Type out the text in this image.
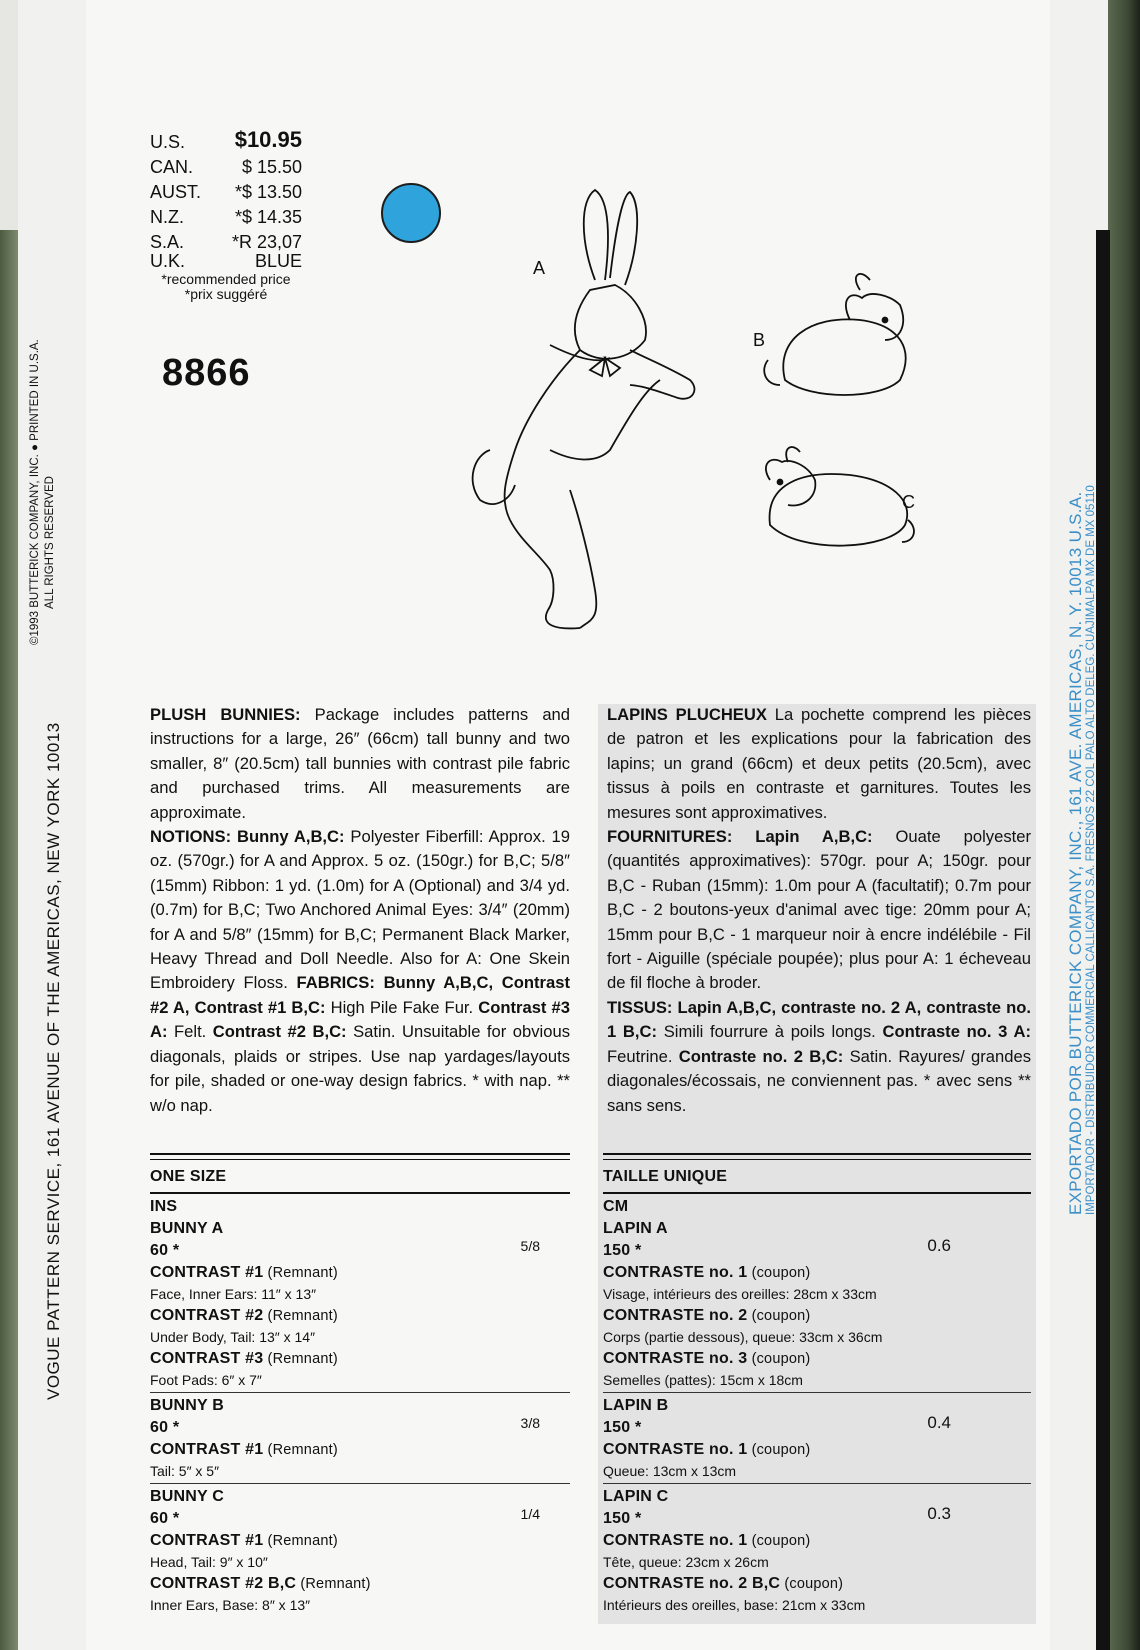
VOGUE PATTERN SERVICE, 161 AVENUE OF THE AMERICAS, NEW YORK 10013
©1993 BUTTERICK COMPANY, INC. ● PRINTED IN U.S.A. ALL RIGHTS RESERVED	EXPORTADO POR BUTTERICK COMPANY, INC., 161 AVE. AMERICAS, N. Y. 10013 U.S.A. IMPORTADOR - DISTRIBUIDOR COMMERCIAL CALLICANTO S.A. FRESNOS 22 COL PALO ALTO DELEG. CUAJIMALPA MX DE MX 05110
U.S.	$10.95
CAN.	$ 15.50
AUST.	*$ 13.50
N.Z.	*$ 14.35
S.A.	*R 23,07
U.K.	BLUE
*recommended price
*prix suggéré
8866
A
B
C
PLUSH BUNNIES: Package includes patterns and instructions for a large, 26″ (66cm) tall bunny and two smaller, 8″ (20.5cm) tall bunnies with contrast pile fabric and purchased trims. All measurements are approximate.
NOTIONS: Bunny A,B,C: Polyester Fiberfill: Approx. 19 oz. (570gr.) for A and Approx. 5 oz. (150gr.) for B,C; 5/8″ (15mm) Ribbon: 1 yd. (1.0m) for A (Optional) and 3/4 yd. (0.7m) for B,C; Two Anchored Animal Eyes: 3/4″ (20mm) for A and 5/8″ (15mm) for B,C; Permanent Black Marker, Heavy Thread and Doll Needle. Also for A: One Skein Embroidery Floss. FABRICS: Bunny A,B,C, Contrast #2 A, Contrast #1 B,C: High Pile Fake Fur. Contrast #3 A: Felt. Contrast #2 B,C: Satin. Unsuitable for obvious diagonals, plaids or stripes. Use nap yardages/layouts for pile, shaded or one-way design fabrics. * with nap. ** w/o nap.
LAPINS PLUCHEUX La pochette comprend les pièces de patron et les explications pour la fabrication des lapins; un grand (66cm) et deux petits (20.5cm), avec tissus à poils en contraste et garnitures. Toutes les mesures sont approximatives.
FOURNITURES: Lapin A,B,C: Ouate polyester (quantités approximatives): 570gr. pour A; 150gr. pour B,C - Ruban (15mm): 1.0m pour A (facultatif); 0.7m pour B,C - 2 boutons-yeux d'animal avec tige: 20mm pour A; 15mm pour B,C - 1 marqueur noir à encre indélébile - Fil fort - Aiguille (spéciale poupée); plus pour A: 1 écheveau de fil floche à broder.
TISSUS: Lapin A,B,C, contraste no. 2 A, contraste no. 1 B,C: Simili fourrure à poils longs. Contraste no. 3 A: Feutrine. Contraste no. 2 B,C: Satin. Rayures/ grandes diagonales/écossais, ne conviennent pas. * avec sens ** sans sens.
ONE SIZE
INS
BUNNY A
60 *	5/8
CONTRAST #1 (Remnant)
Face, Inner Ears: 11″ x 13″
CONTRAST #2 (Remnant)
Under Body, Tail: 13″ x 14″
CONTRAST #3 (Remnant)
Foot Pads: 6″ x 7″
BUNNY B
60 *	3/8
CONTRAST #1 (Remnant)
Tail: 5″ x 5″
BUNNY C
60 *	1/4
CONTRAST #1 (Remnant)
Head, Tail: 9″ x 10″
CONTRAST #2 B,C (Remnant)
Inner Ears, Base: 8″ x 13″
TAILLE UNIQUE
CM
LAPIN A
150 *	0.6
CONTRASTE no. 1 (coupon)
Visage, intérieurs des oreilles: 28cm x 33cm
CONTRASTE no. 2 (coupon)
Corps (partie dessous), queue: 33cm x 36cm
CONTRASTE no. 3 (coupon)
Semelles (pattes): 15cm x 18cm
LAPIN B
150 *	0.4
CONTRASTE no. 1 (coupon)
Queue: 13cm x 13cm
LAPIN C
150 *	0.3
CONTRASTE no. 1 (coupon)
Tête, queue: 23cm x 26cm
CONTRASTE no. 2 B,C (coupon)
Intérieurs des oreilles, base: 21cm x 33cm
